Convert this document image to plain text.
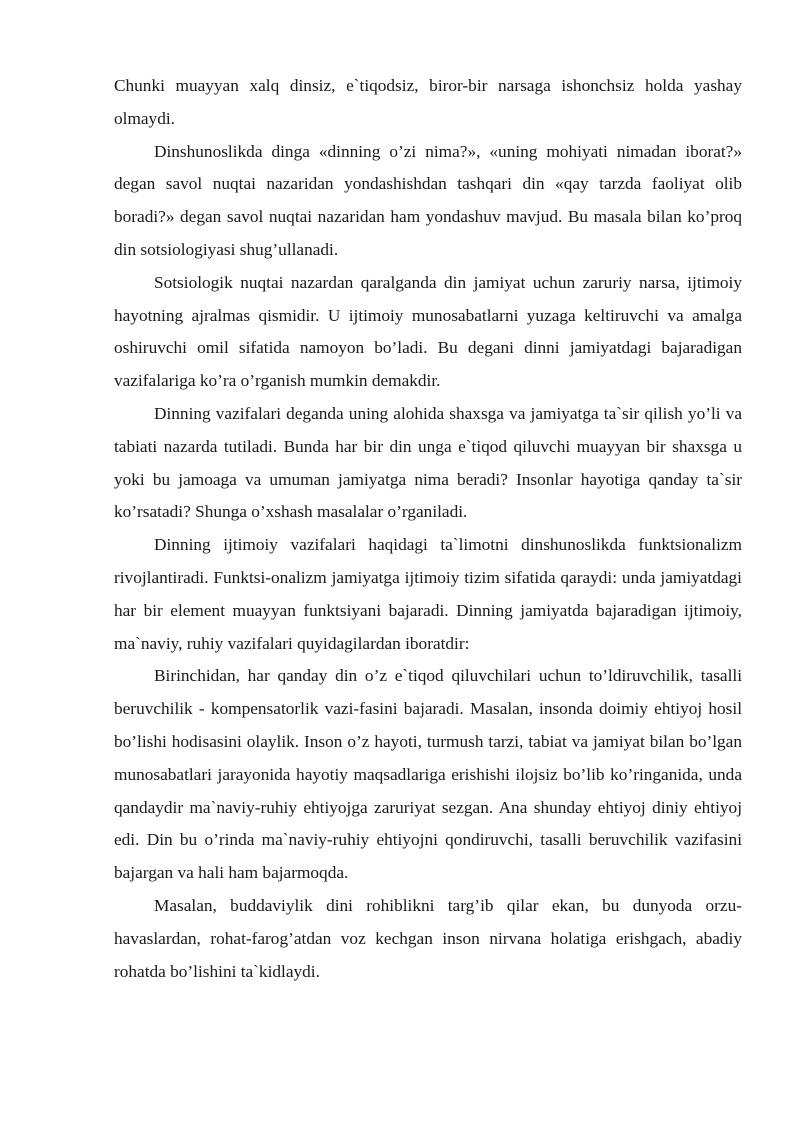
Chunki muayyan xalq dinsiz, e`tiqodsiz, biror-bir narsaga ishonchsiz holda yashay olmaydi.

Dinshunoslikda dinga «dinning o’zi nima?», «uning mohiyati nimadan iborat?» degan savol nuqtai nazaridan yondashishdan tashqari din «qay tarzda faoliyat olib boradi?» degan savol nuqtai nazaridan ham yondashuv mavjud. Bu masala bilan ko’proq din sotsiologiyasi shug’ullanadi.

Sotsiologik nuqtai nazardan qaralganda din jamiyat uchun zaruriy narsa, ijtimoiy hayotning ajralmas qismidir. U ijtimoiy munosabatlarni yuzaga keltiruvchi va amalga oshiruvchi omil sifatida namoyon bo’ladi. Bu degani dinni jamiyatdagi bajaradigan vazifalariga ko’ra o’rganish mumkin demakdir.

Dinning vazifalari deganda uning alohida shaxsga va jamiyatga ta`sir qilish yo’li va tabiati nazarda tutiladi. Bunda har bir din unga e`tiqod qiluvchi muayyan bir shaxsga u yoki bu jamoaga va umuman jamiyatga nima beradi? Insonlar hayotiga qanday ta`sir ko’rsatadi? Shunga o’xshash masalalar o’rganiladi.

Dinning ijtimoiy vazifalari haqidagi ta`limotni dinshunoslikda funktsionalizm rivojlantiradi. Funktsi-onalizm jamiyatga ijtimoiy tizim sifatida qaraydi: unda jamiyatdagi har bir element muayyan funktsiyani bajaradi. Dinning jamiyatda bajaradigan ijtimoiy, ma`naviy, ruhiy vazifalari quyidagilardan iboratdir:

Birinchidan, har qanday din o’z e`tiqod qiluvchilari uchun to’ldiruvchilik, tasalli beruvchilik - kompensatorlik vazi-fasini bajaradi. Masalan, insonda doimiy ehtiyoj hosil bo’lishi hodisasini olaylik. Inson o’z hayoti, turmush tarzi, tabiat va jamiyat bilan bo’lgan munosabatlari jarayonida hayotiy maqsadlariga erishishi ilojsiz bo’lib ko’ringanida, unda qandaydir ma`naviy-ruhiy ehtiyojga zaruriyat sezgan. Ana shunday ehtiyoj diniy ehtiyoj edi. Din bu o’rinda ma`naviy-ruhiy ehtiyojni qondiruvchi, tasalli beruvchilik vazifasini bajargan va hali ham bajarmoqda.

Masalan, buddaviylik dini rohiblikni targ’ib qilar ekan, bu dunyoda orzu-havaslardan, rohat-farog’atdan voz kechgan inson nirvana holatiga erishgach, abadiy rohatda bo’lishini ta`kidlaydi.
